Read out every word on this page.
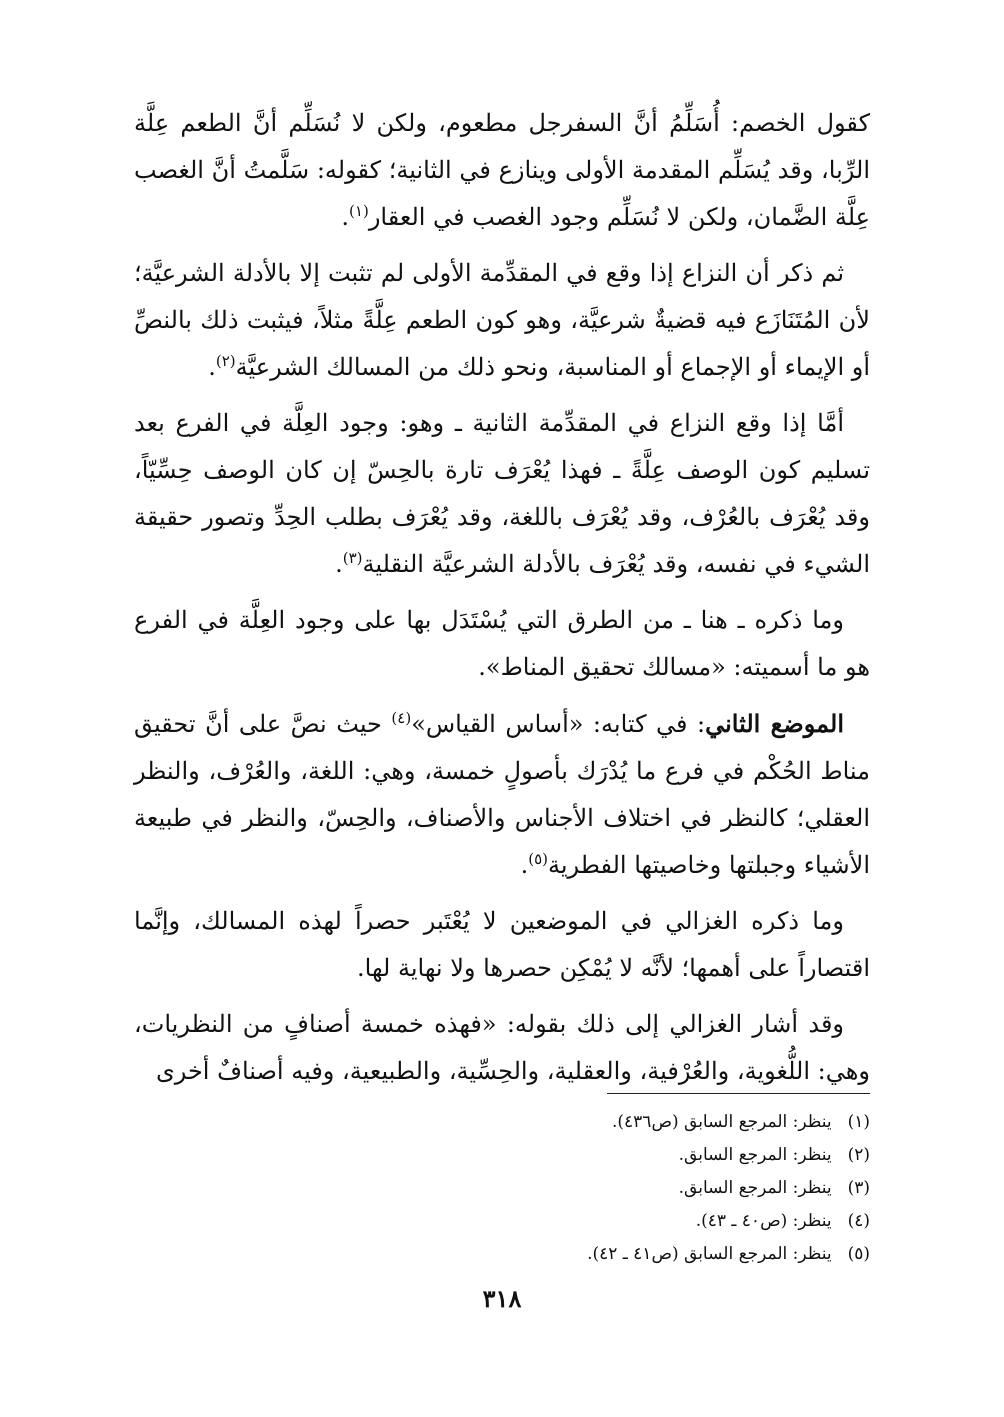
كقول الخصم: أُسَلِّمُ أنَّ السفرجل مطعوم، ولكن لا نُسَلِّم أنَّ الطعم عِلَّة الرِّبا، وقد يُسَلِّم المقدمة الأولى وينازع في الثانية؛ كقوله: سَلَّمتُ أنَّ الغصب عِلَّة الضَّمان، ولكن لا نُسَلِّم وجود الغصب في العقار$^{(١)}$.

ثم ذكر أن النزاع إذا وقع في المقدِّمة الأولى لم تثبت إلا بالأدلة الشرعيَّة؛ لأن المُتَنَازَع فيه قضيةٌ شرعيَّة، وهو كون الطعم عِلَّةً مثلاً، فيثبت ذلك بالنصِّ أو الإيماء أو الإجماع أو المناسبة، ونحو ذلك من المسالك الشرعيَّة$^{(٢)}$.

أمَّا إذا وقع النزاع في المقدِّمة الثانية ـ وهو: وجود العِلَّة في الفرع بعد تسليم كون الوصف عِلَّةً ـ فهذا يُعْرَف تارة بالحِسّ إن كان الوصف حِسِّيّاً، وقد يُعْرَف بالعُرْف، وقد يُعْرَف باللغة، وقد يُعْرَف بطلب الحِدِّ وتصور حقيقة الشيء في نفسه، وقد يُعْرَف بالأدلة الشرعيَّة النقلية$^{(٣)}$.

وما ذكره ـ هنا ـ من الطرق التي يُسْتَدَل بها على وجود العِلَّة في الفرع هو ما أسميته: «مسالك تحقيق المناط».

الموضع الثاني: في كتابه: «أساس القياس»$^{(٤)}$ حيث نصَّ على أنَّ تحقيق مناط الحُكْم في فرع ما يُدْرَك بأصولٍ خمسة، وهي: اللغة، والعُرْف، والنظر العقلي؛ كالنظر في اختلاف الأجناس والأصناف، والحِسّ، والنظر في طبيعة الأشياء وجبلتها وخاصيتها الفطرية$^{(٥)}$.

وما ذكره الغزالي في الموضعين لا يُعْتَبر حصراً لهذه المسالك، وإنَّما اقتصاراً على أهمها؛ لأنَّه لا يُمْكِن حصرها ولا نهاية لها.

وقد أشار الغزالي إلى ذلك بقوله: «فهذه خمسة أصنافٍ من النظريات، وهي: اللُّغوية، والعُرْفية، والعقلية، والحِسِّية، والطبيعية، وفيه أصنافٌ أخرى

(١)
ينظر: المرجع السابق (ص٤٣٦).
(٢)
ينظر: المرجع السابق.
(٣)
ينظر: المرجع السابق.
(٤)
ينظر: (ص٤٠ ـ ٤٣).
(٥)
ينظر: المرجع السابق (ص٤١ ـ ٤٢).
٣١٨
